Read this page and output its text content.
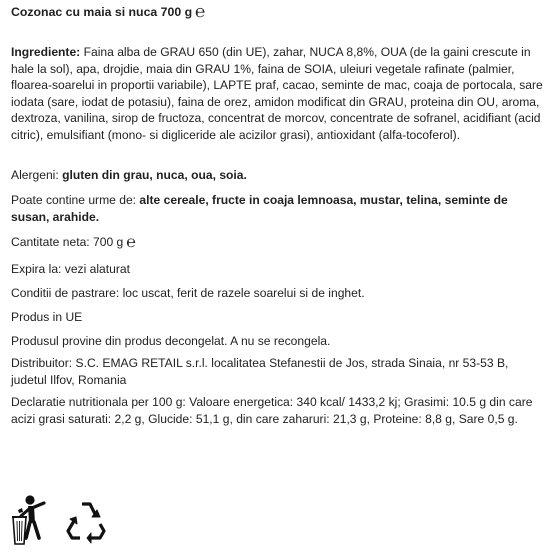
Cozonac cu maia si nuca 700 g ℮
Ingrediente: Faina alba de GRAU 650 (din UE), zahar, NUCA 8,8%, OUA (de la gaini crescute in hale la sol), apa, drojdie, maia din GRAU 1%, faina de SOIA, uleiuri vegetale rafinate (palmier, floarea-soarelui in proportii variabile), LAPTE praf, cacao, seminte de mac, coaja de portocala, sare iodata (sare, iodat de potasiu), faina de orez, amidon modificat din GRAU, proteina din OU, aroma, dextroza, vanilina, sirop de fructoza, concentrat de morcov, concentrate de sofranel, acidifiant (acid citric), emulsifiant (mono- si digliceride ale acizilor grasi), antioxidant (alfa-tocoferol).
Alergeni: gluten din grau, nuca, oua, soia.
Poate contine urme de: alte cereale, fructe in coaja lemnoasa, mustar, telina, seminte de susan, arahide.
Cantitate neta: 700 g ℮
Expira la: vezi alaturat
Conditii de pastrare: loc uscat, ferit de razele soarelui si de inghet.
Produs in UE
Produsul provine din produs decongelat. A nu se recongela.
Distribuitor: S.C. EMAG RETAIL s.r.l. localitatea Stefanestii de Jos, strada Sinaia, nr 53-53 B, judetul Ilfov, Romania
Declaratie nutritionala per 100 g: Valoare energetica: 340 kcal/ 1433,2 kj; Grasimi: 10.5 g din care acizi grasi saturati: 2,2 g, Glucide: 51,1 g, din care zaharuri: 21,3 g, Proteine: 8,8 g, Sare 0,5 g.
